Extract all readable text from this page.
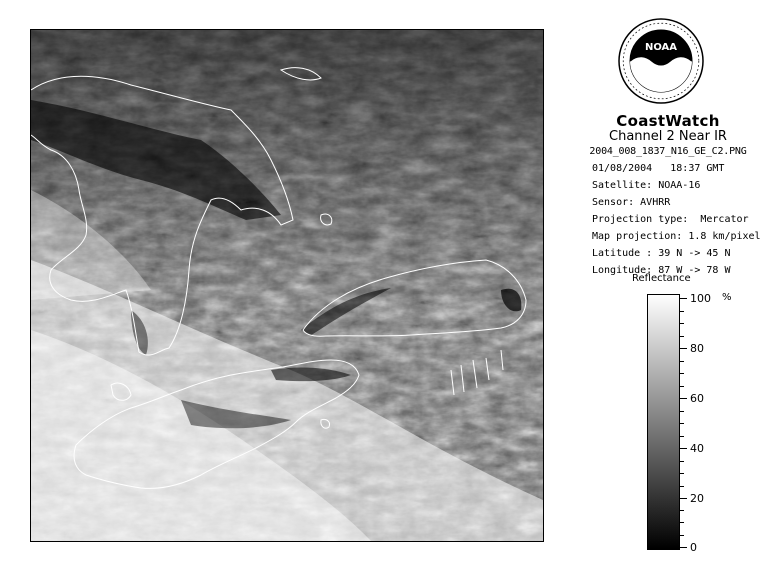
NOAA
CoastWatch
Channel 2 Near IR
2004_008_1837_N16_GE_C2.PNG
01/08/2004   18:37 GMT
Satellite: NOAA-16
Sensor: AVHRR
Projection type:  Mercator
Map projection: 1.8 km/pixel
Latitude : 39 N -> 45 N
Longitude: 87 W -> 78 W
Reflectance
%
100
80
60
40
20
0
